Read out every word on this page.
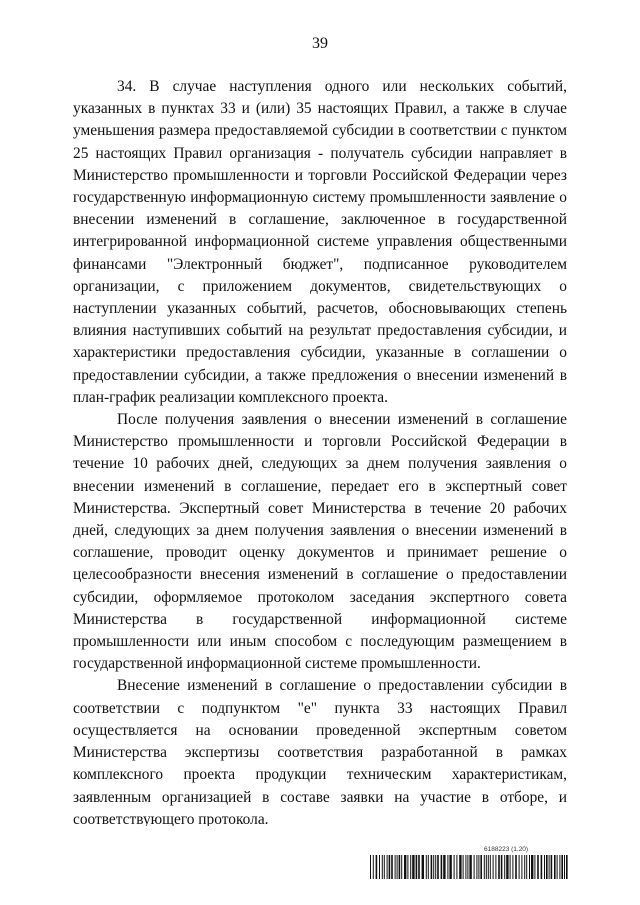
39

34. В случае наступления одного или нескольких событий, указанных в пунктах 33 и (или) 35 настоящих Правил, а также в случае уменьшения размера предоставляемой субсидии в соответствии с пунктом 25 настоящих Правил организация - получатель субсидии направляет в Министерство промышленности и торговли Российской Федерации через государственную информационную систему промышленности заявление о внесении изменений в соглашение, заключенное в государственной интегрированной информационной системе управления общественными финансами "Электронный бюджет", подписанное руководителем организации, с приложением документов, свидетельствующих о наступлении указанных событий, расчетов, обосновывающих степень влияния наступивших событий на результат предоставления субсидии, и характеристики предоставления субсидии, указанные в соглашении о предоставлении субсидии, а также предложения о внесении изменений в план-график реализации комплексного проекта.

После получения заявления о внесении изменений в соглашение Министерство промышленности и торговли Российской Федерации в течение 10 рабочих дней, следующих за днем получения заявления о внесении изменений в соглашение, передает его в экспертный совет Министерства. Экспертный совет Министерства в течение 20 рабочих дней, следующих за днем получения заявления о внесении изменений в соглашение, проводит оценку документов и принимает решение о целесообразности внесения изменений в соглашение о предоставлении субсидии, оформляемое протоколом заседания экспертного совета Министерства в государственной информационной системе промышленности или иным способом с последующим размещением в государственной информационной системе промышленности.

Внесение изменений в соглашение о предоставлении субсидии в соответствии с подпунктом "е" пункта 33 настоящих Правил осуществляется на основании проведенной экспертным советом Министерства экспертизы соответствия разработанной в рамках комплексного проекта продукции техническим характеристикам, заявленным организацией в составе заявки на участие в отборе, и соответствующего протокола.

6188223 (1.20)
